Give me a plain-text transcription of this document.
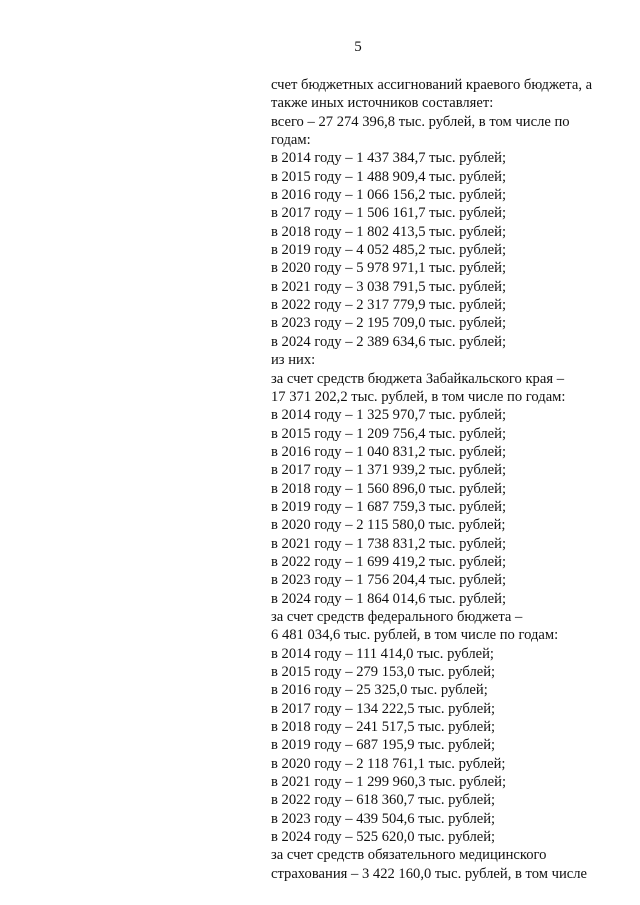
5
счет бюджетных ассигнований краевого бюджета, а
также иных источников составляет:
всего – 27 274 396,8 тыс. рублей, в том числе по
годам:
в 2014 году – 1 437 384,7 тыс. рублей;
в 2015 году – 1 488 909,4 тыс. рублей;
в 2016 году – 1 066 156,2 тыс. рублей;
в 2017 году – 1 506 161,7 тыс. рублей;
в 2018 году – 1 802 413,5 тыс. рублей;
в 2019 году – 4 052 485,2 тыс. рублей;
в 2020 году – 5 978 971,1 тыс. рублей;
в 2021 году – 3 038 791,5 тыс. рублей;
в 2022 году – 2 317 779,9 тыс. рублей;
в 2023 году – 2 195 709,0 тыс. рублей;
в 2024 году – 2 389 634,6 тыс. рублей;
из них:
за счет средств бюджета Забайкальского края –
17 371 202,2 тыс. рублей, в том числе по годам:
в 2014 году – 1 325 970,7 тыс. рублей;
в 2015 году – 1 209 756,4 тыс. рублей;
в 2016 году – 1 040 831,2 тыс. рублей;
в 2017 году – 1 371 939,2 тыс. рублей;
в 2018 году – 1 560 896,0 тыс. рублей;
в 2019 году – 1 687 759,3 тыс. рублей;
в 2020 году – 2 115 580,0 тыс. рублей;
в 2021 году – 1 738 831,2 тыс. рублей;
в 2022 году – 1 699 419,2 тыс. рублей;
в 2023 году – 1 756 204,4 тыс. рублей;
в 2024 году – 1 864 014,6 тыс. рублей;
за счет средств федерального бюджета –
6 481 034,6 тыс. рублей, в том числе по годам:
в 2014 году – 111 414,0 тыс. рублей;
в 2015 году – 279 153,0 тыс. рублей;
в 2016 году – 25 325,0 тыс. рублей;
в 2017 году – 134 222,5 тыс. рублей;
в 2018 году – 241 517,5 тыс. рублей;
в 2019 году – 687 195,9 тыс. рублей;
в 2020 году – 2 118 761,1 тыс. рублей;
в 2021 году – 1 299 960,3 тыс. рублей;
в 2022 году – 618 360,7 тыс. рублей;
в 2023 году – 439 504,6 тыс. рублей;
в 2024 году – 525 620,0 тыс. рублей;
за счет средств обязательного медицинского
страхования – 3 422 160,0 тыс. рублей, в том числе
